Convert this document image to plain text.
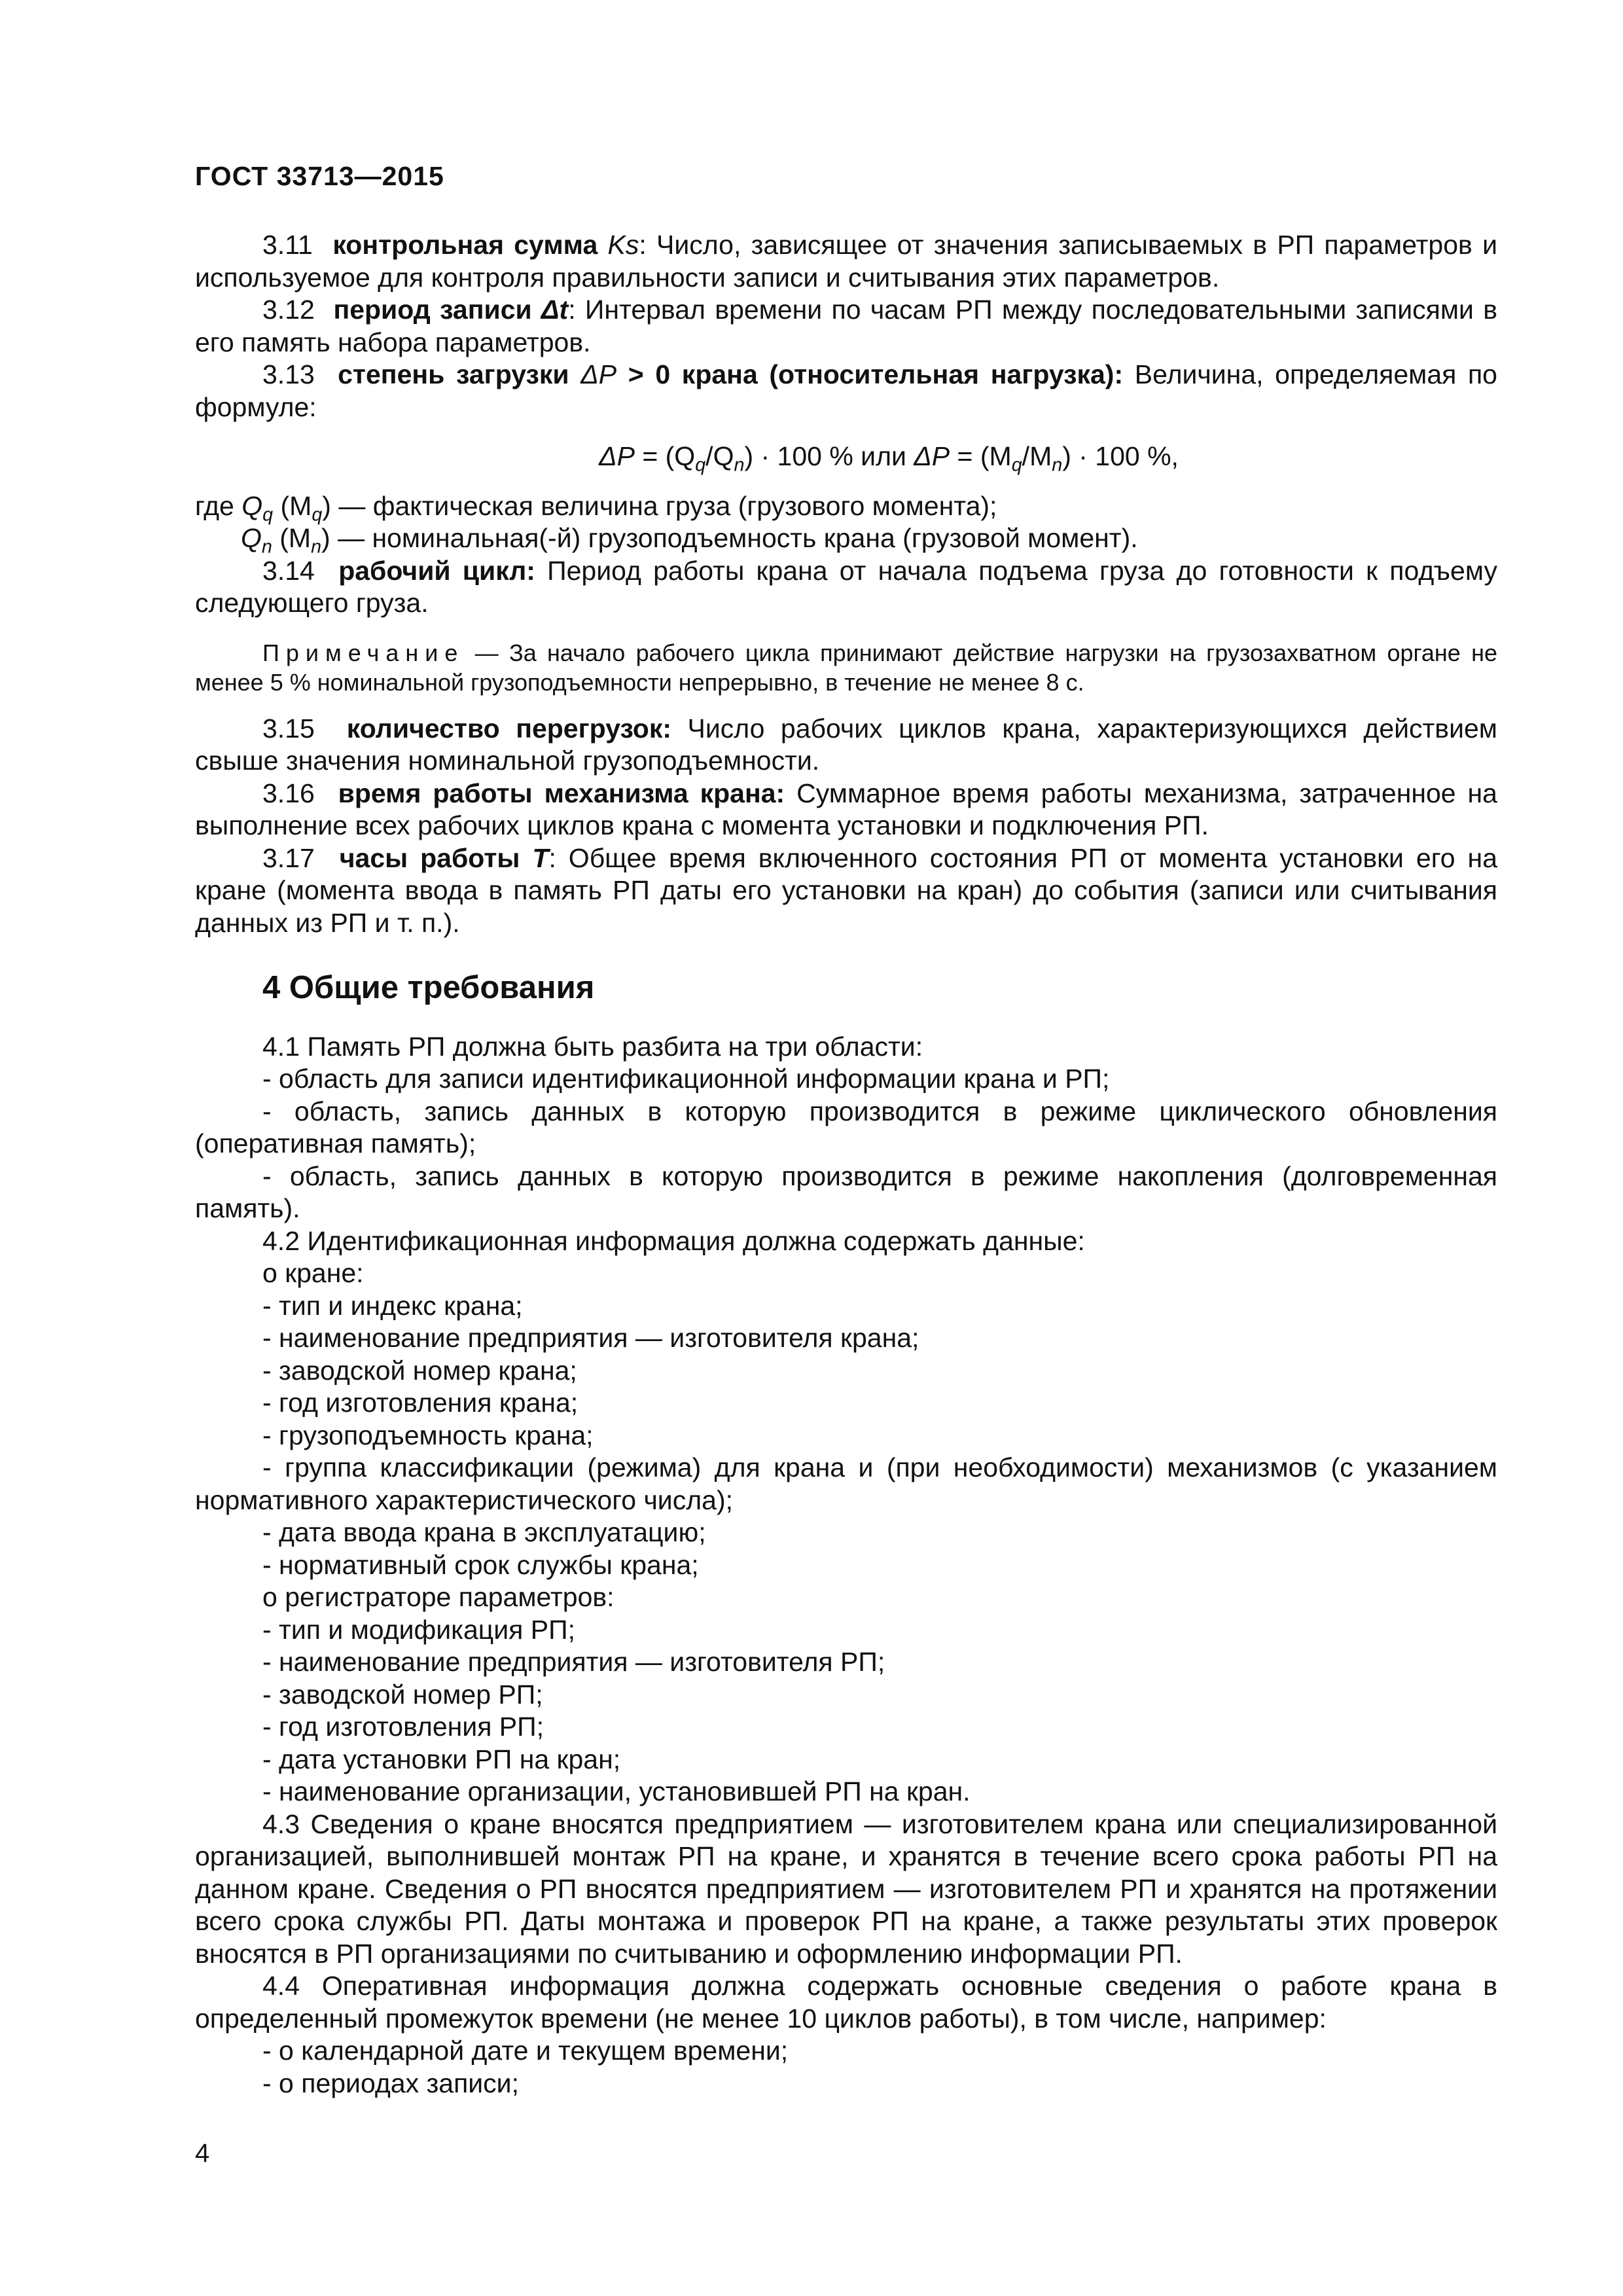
ГОСТ 33713—2015

3.11 контрольная сумма Ks: Число, зависящее от значения записываемых в РП параметров и используемое для контроля правильности записи и считывания этих параметров.

3.12 период записи Δt: Интервал времени по часам РП между последовательными записями в его память набора параметров.

3.13 степень загрузки ΔP > 0 крана (относительная нагрузка): Величина, определяемая по формуле:

$\Delta P = (Q_q/Q_n) \cdot 100$ % или $\Delta P = (M_q/M_n) \cdot 100$ %,

где $Q_q$ $(M_q)$ — фактическая величина груза (грузового момента);

$Q_n$ $(M_n)$ — номинальная(-й) грузоподъемность крана (грузовой момент).

3.14 рабочий цикл: Период работы крана от начала подъема груза до готовности к подъему следующего груза.

Примечание — За начало рабочего цикла принимают действие нагрузки на грузозахватном органе не менее 5 % номинальной грузоподъемности непрерывно, в течение не менее 8 с.

3.15 количество перегрузок: Число рабочих циклов крана, характеризующихся действием свыше значения номинальной грузоподъемности.

3.16 время работы механизма крана: Суммарное время работы механизма, затраченное на выполнение всех рабочих циклов крана с момента установки и подключения РП.

3.17 часы работы T: Общее время включенного состояния РП от момента установки его на кране (момента ввода в память РП даты его установки на кран) до события (записи или считывания данных из РП и т. п.).

4 Общие требования

4.1 Память РП должна быть разбита на три области:

- область для записи идентификационной информации крана и РП;

- область, запись данных в которую производится в режиме циклического обновления (оперативная память);

- область, запись данных в которую производится в режиме накопления (долговременная память).

4.2 Идентификационная информация должна содержать данные:

о кране:

- тип и индекс крана;

- наименование предприятия — изготовителя крана;

- заводской номер крана;

- год изготовления крана;

- грузоподъемность крана;

- группа классификации (режима) для крана и (при необходимости) механизмов (с указанием нормативного характеристического числа);

- дата ввода крана в эксплуатацию;

- нормативный срок службы крана;

о регистраторе параметров:

- тип и модификация РП;

- наименование предприятия — изготовителя РП;

- заводской номер РП;

- год изготовления РП;

- дата установки РП на кран;

- наименование организации, установившей РП на кран.

4.3 Сведения о кране вносятся предприятием — изготовителем крана или специализированной организацией, выполнившей монтаж РП на кране, и хранятся в течение всего срока работы РП на данном кране. Сведения о РП вносятся предприятием — изготовителем РП и хранятся на протяжении всего срока службы РП. Даты монтажа и проверок РП на кране, а также результаты этих проверок вносятся в РП организациями по считыванию и оформлению информации РП.

4.4 Оперативная информация должна содержать основные сведения о работе крана в определенный промежуток времени (не менее 10 циклов работы), в том числе, например:

- о календарной дате и текущем времени;

- о периодах записи;

4
